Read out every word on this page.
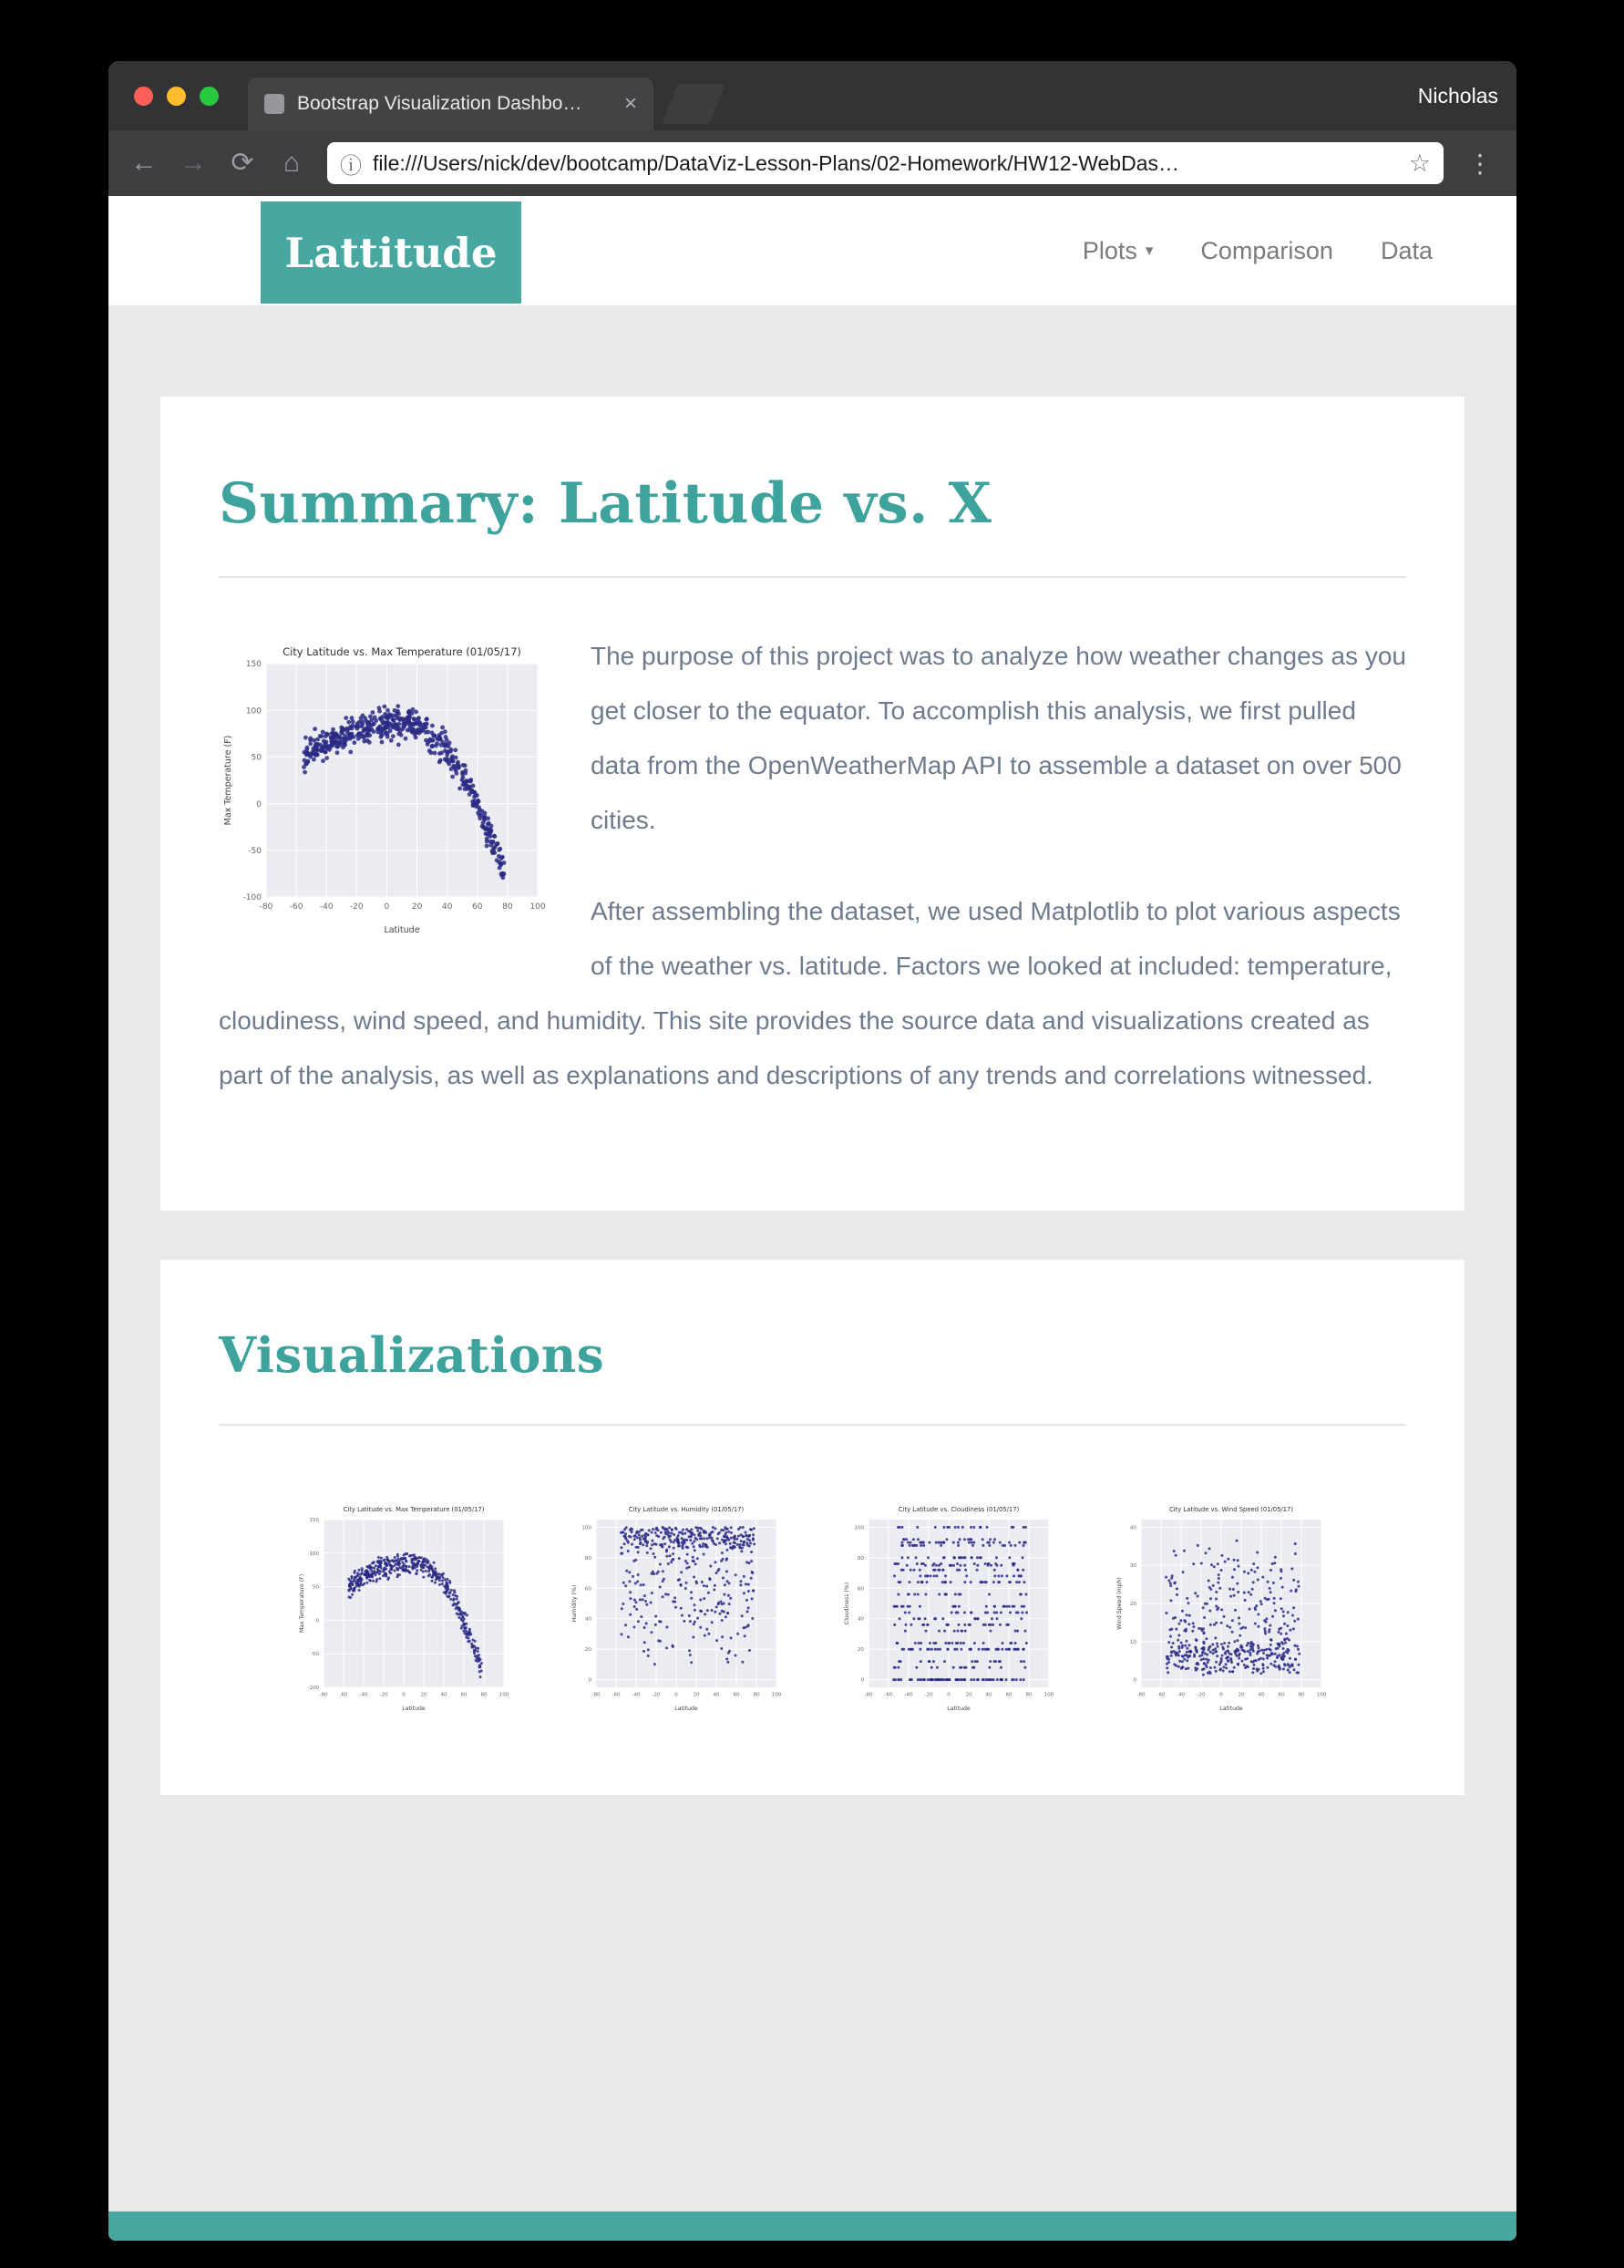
Bootstrap Visualization Dashbo…	×	Nicholas
← → ⟳	⌂	ⓘ file:///Users/nick/dev/bootcamp/DataViz-Lesson-Plans/02-Homework/HW12-WebDas…	☆	⋮
Lattitude	Plots ▾ Comparison Data
Summary: Latitude vs. X
-80 -60 -40 -20	0	20 40 60 80 100
-100
-50
0
50
100
150
City Latitude vs. Max Temperature (01/05/17)
Latitude
Max Temperature (F)

The purpose of this project was to analyze how weather changes as you get closer to the equator. To accomplish this analysis, we first pulled data from the OpenWeatherMap API to assemble a dataset on over 500 cities.

After assembling the dataset, we used Matplotlib to plot various aspects of the weather vs. latitude. Factors we looked at included: temperature, cloudiness, wind speed, and humidity. This site provides the source data and visualizations created as part of the analysis, as well as explanations and descriptions of any trends and correlations witnessed.

Visualizations
-80 -60 -40 -20	0	20	40	60	80 100
-100
-50
0
50
100
150
City Latitude vs. Max Temperature (01/05/17)
Latitude
Max Temperature (F)
-80 -60 -40 -20	0	20	40	60	80 100
0
20
40
60
80
100
City Latitude vs. Humidity (01/05/17)
Latitude
Humidity (%)
-80 -60 -40 -20	0	20	40	60	80 100
0
20
40
60
80
100
City Latitude vs. Cloudiness (01/05/17)
Latitude
Cloudiness (%)
-80 -60 -40 -20	0	20	40	60	80 100
0
10
20
30
40
City Latitude vs. Wind Speed (01/05/17)
Latitude
Wind Speed (mph)
